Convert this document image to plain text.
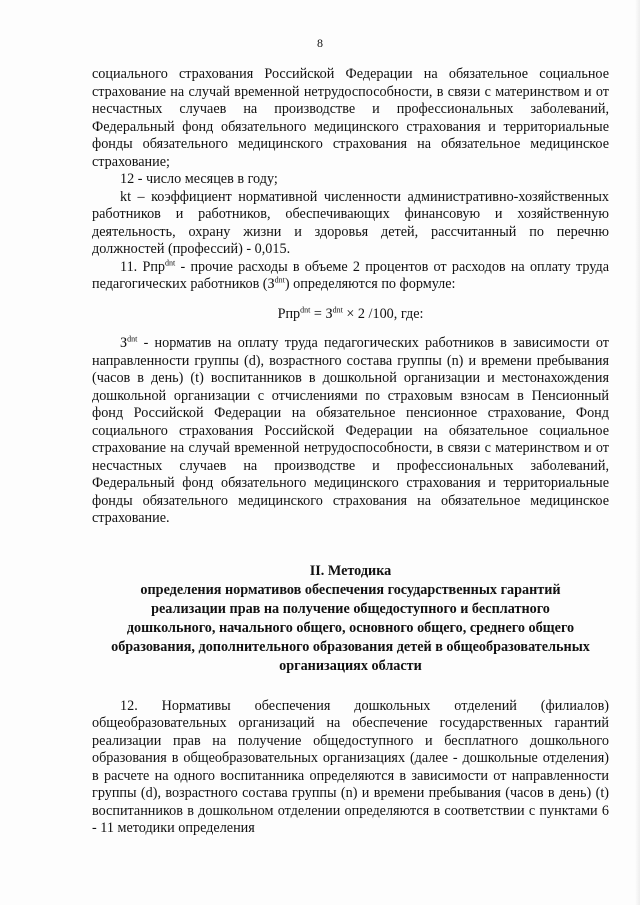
8

социального страхования Российской Федерации на обязательное социальное страхование на случай временной нетрудоспособности, в связи с материнством и от несчастных случаев на производстве и профессиональных заболеваний, Федеральный фонд обязательного медицинского страхования и территориальные фонды обязательного медицинского страхования на обязательное медицинское страхование;

12 - число месяцев в году;

kt – коэффициент нормативной численности административно-хозяйственных работников и работников, обеспечивающих финансовую и хозяйственную деятельность, охрану жизни и здоровья детей, рассчитанный по перечню должностей (профессий) - 0,015.

11. Рпр$^{dnt}$ - прочие расходы в объеме 2 процентов от расходов на оплату труда педагогических работников $(З^{dnt})$ определяются по формуле:

$Рпр^{dnt} = З^{dnt} \times 2$ /100, где:

$З^{dnt}$ - норматив на оплату труда педагогических работников в зависимости от направленности группы (d), возрастного состава группы (n) и времени пребывания (часов в день) (t) воспитанников в дошкольной организации и местонахождения дошкольной организации с отчислениями по страховым взносам в Пенсионный фонд Российской Федерации на обязательное пенсионное страхование, Фонд социального страхования Российской Федерации на обязательное социальное страхование на случай временной нетрудоспособности, в связи с материнством и от несчастных случаев на производстве и профессиональных заболеваний, Федеральный фонд обязательного медицинского страхования и территориальные фонды обязательного медицинского страхования на обязательное медицинское страхование.

II. Методика
определения нормативов обеспечения государственных гарантий
реализации прав на получение общедоступного и бесплатного
дошкольного, начального общего, основного общего, среднего общего
образования, дополнительного образования детей в общеобразовательных
организациях области

12. Нормативы обеспечения дошкольных отделений (филиалов) общеобразовательных организаций на обеспечение государственных гарантий реализации прав на получение общедоступного и бесплатного дошкольного образования в общеобразовательных организациях (далее - дошкольные отделения) в расчете на одного воспитанника определяются в зависимости от направленности группы (d), возрастного состава группы (n) и времени пребывания (часов в день) (t) воспитанников в дошкольном отделении определяются в соответствии с пунктами 6 - 11 методики определения
